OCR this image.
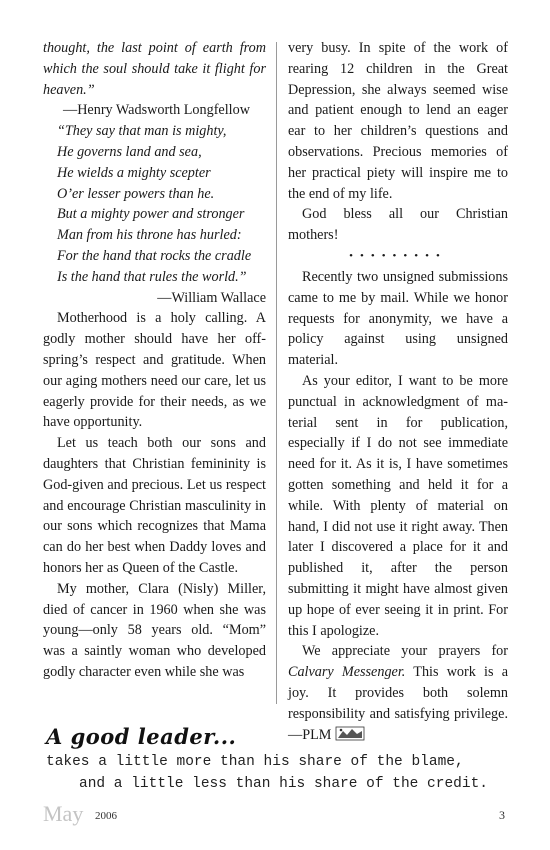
thought, the last point of earth from which the soul should take it flight for heaven.”

—Henry Wadsworth Longfellow

“They say that man is mighty,
He governs land and sea,
He wields a mighty scepter
O’er lesser powers than he.
But a mighty power and stronger
Man from his throne has hurled:
For the hand that rocks the cradle
Is the hand that rules the world.”

—William Wallace

Motherhood is a holy calling. A godly mother should have her offspring’s respect and gratitude. When our aging mothers need our care, let us eagerly provide for their needs, as we have opportunity.

Let us teach both our sons and daughters that Christian femininity is God-given and precious. Let us respect and encourage Christian masculinity in our sons which recognizes that Mama can do her best when Daddy loves and honors her as Queen of the Castle.

My mother, Clara (Nisly) Miller, died of cancer in 1960 when she was young—only 58 years old. “Mom” was a saintly woman who developed godly character even while she was

very busy. In spite of the work of rearing 12 children in the Great Depression, she always seemed wise and patient enough to lend an eager ear to her children’s questions and observations. Precious memories of her practical piety will inspire me to the end of my life.

God bless all our Christian mothers!

•••••••••

Recently two unsigned submissions came to me by mail. While we honor requests for anonymity, we have a policy against using unsigned material.

As your editor, I want to be more punctual in acknowledgment of material sent in for publication, especially if I do not see immediate need for it. As it is, I have sometimes gotten something and held it for a while. With plenty of material on hand, I did not use it right away. Then later I discovered a place for it and published it, after the person submitting it might have almost given up hope of ever seeing it in print. For this I apologize.

We appreciate your prayers for Calvary Messenger. This work is a joy. It provides both solemn responsibility and satisfying privilege. —PLM

A good leader...
takes a little more than his share of the blame,
and a little less than his share of the credit.
May 2006	3
